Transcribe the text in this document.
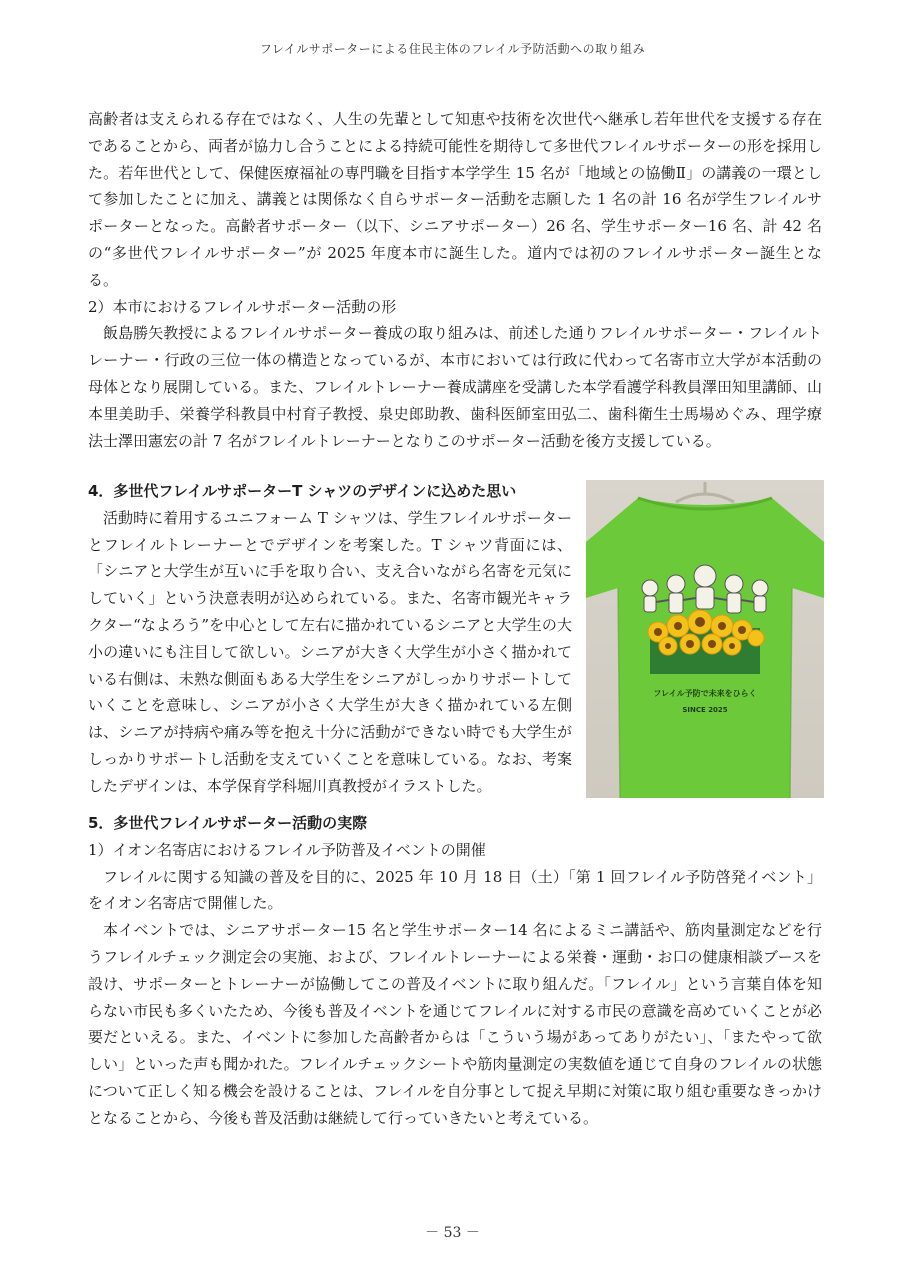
フレイルサポーターによる住民主体のフレイル予防活動への取り組み

高齢者は支えられる存在ではなく、人生の先輩として知恵や技術を次世代へ継承し若年世代を支援する存在であることから、両者が協力し合うことによる持続可能性を期待して多世代フレイルサポーターの形を採用した。若年世代として、保健医療福祉の専門職を目指す本学学生 15 名が「地域との協働Ⅱ」の講義の一環として参加したことに加え、講義とは関係なく自らサポーター活動を志願した 1 名の計 16 名が学生フレイルサポーターとなった。高齢者サポーター（以下、シニアサポーター）26 名、学生サポーター16 名、計 42 名の“多世代フレイルサポーター”が 2025 年度本市に誕生した。道内では初のフレイルサポーター誕生となる。

2）本市におけるフレイルサポーター活動の形

飯島勝矢教授によるフレイルサポーター養成の取り組みは、前述した通りフレイルサポーター・フレイルトレーナー・行政の三位一体の構造となっているが、本市においては行政に代わって名寄市立大学が本活動の母体となり展開している。また、フレイルトレーナー養成講座を受講した本学看護学科教員澤田知里講師、山本里美助手、栄養学科教員中村育子教授、泉史郎助教、歯科医師室田弘二、歯科衛生士馬場めぐみ、理学療法士澤田憲宏の計 7 名がフレイルトレーナーとなりこのサポーター活動を後方支援している。

4．多世代フレイルサポーターT シャツのデザインに込めた思い

活動時に着用するユニフォーム T シャツは、学生フレイルサポーターとフレイルトレーナーとでデザインを考案した。T シャツ背面には、「シニアと大学生が互いに手を取り合い、支え合いながら名寄を元気にしていく」という決意表明が込められている。また、名寄市観光キャラクター“なよろう”を中心として左右に描かれているシニアと大学生の大小の違いにも注目して欲しい。シニアが大きく大学生が小さく描かれている右側は、未熟な側面もある大学生をシニアがしっかりサポートしていくことを意味し、シニアが小さく大学生が大きく描かれている左側は、シニアが持病や痛み等を抱え十分に活動ができない時でも大学生がしっかりサポートし活動を支えていくことを意味している。なお、考案したデザインは、本学保育学科堀川真教授がイラストした。

フレイル予防で未来をひらく
SINCE 2025
5．多世代フレイルサポーター活動の実際
1）イオン名寄店におけるフレイル予防普及イベントの開催

フレイルに関する知識の普及を目的に、2025 年 10 月 18 日（土）「第 1 回フレイル予防啓発イベント」をイオン名寄店で開催した。

本イベントでは、シニアサポーター15 名と学生サポーター14 名によるミニ講話や、筋肉量測定などを行うフレイルチェック測定会の実施、および、フレイルトレーナーによる栄養・運動・お口の健康相談ブースを設け、サポーターとトレーナーが協働してこの普及イベントに取り組んだ。「フレイル」という言葉自体を知らない市民も多くいたため、今後も普及イベントを通じてフレイルに対する市民の意識を高めていくことが必要だといえる。また、イベントに参加した高齢者からは「こういう場があってありがたい」、「またやって欲しい」といった声も聞かれた。フレイルチェックシートや筋肉量測定の実数値を通じて自身のフレイルの状態について正しく知る機会を設けることは、フレイルを自分事として捉え早期に対策に取り組む重要なきっかけとなることから、今後も普及活動は継続して行っていきたいと考えている。

－ 53 －
